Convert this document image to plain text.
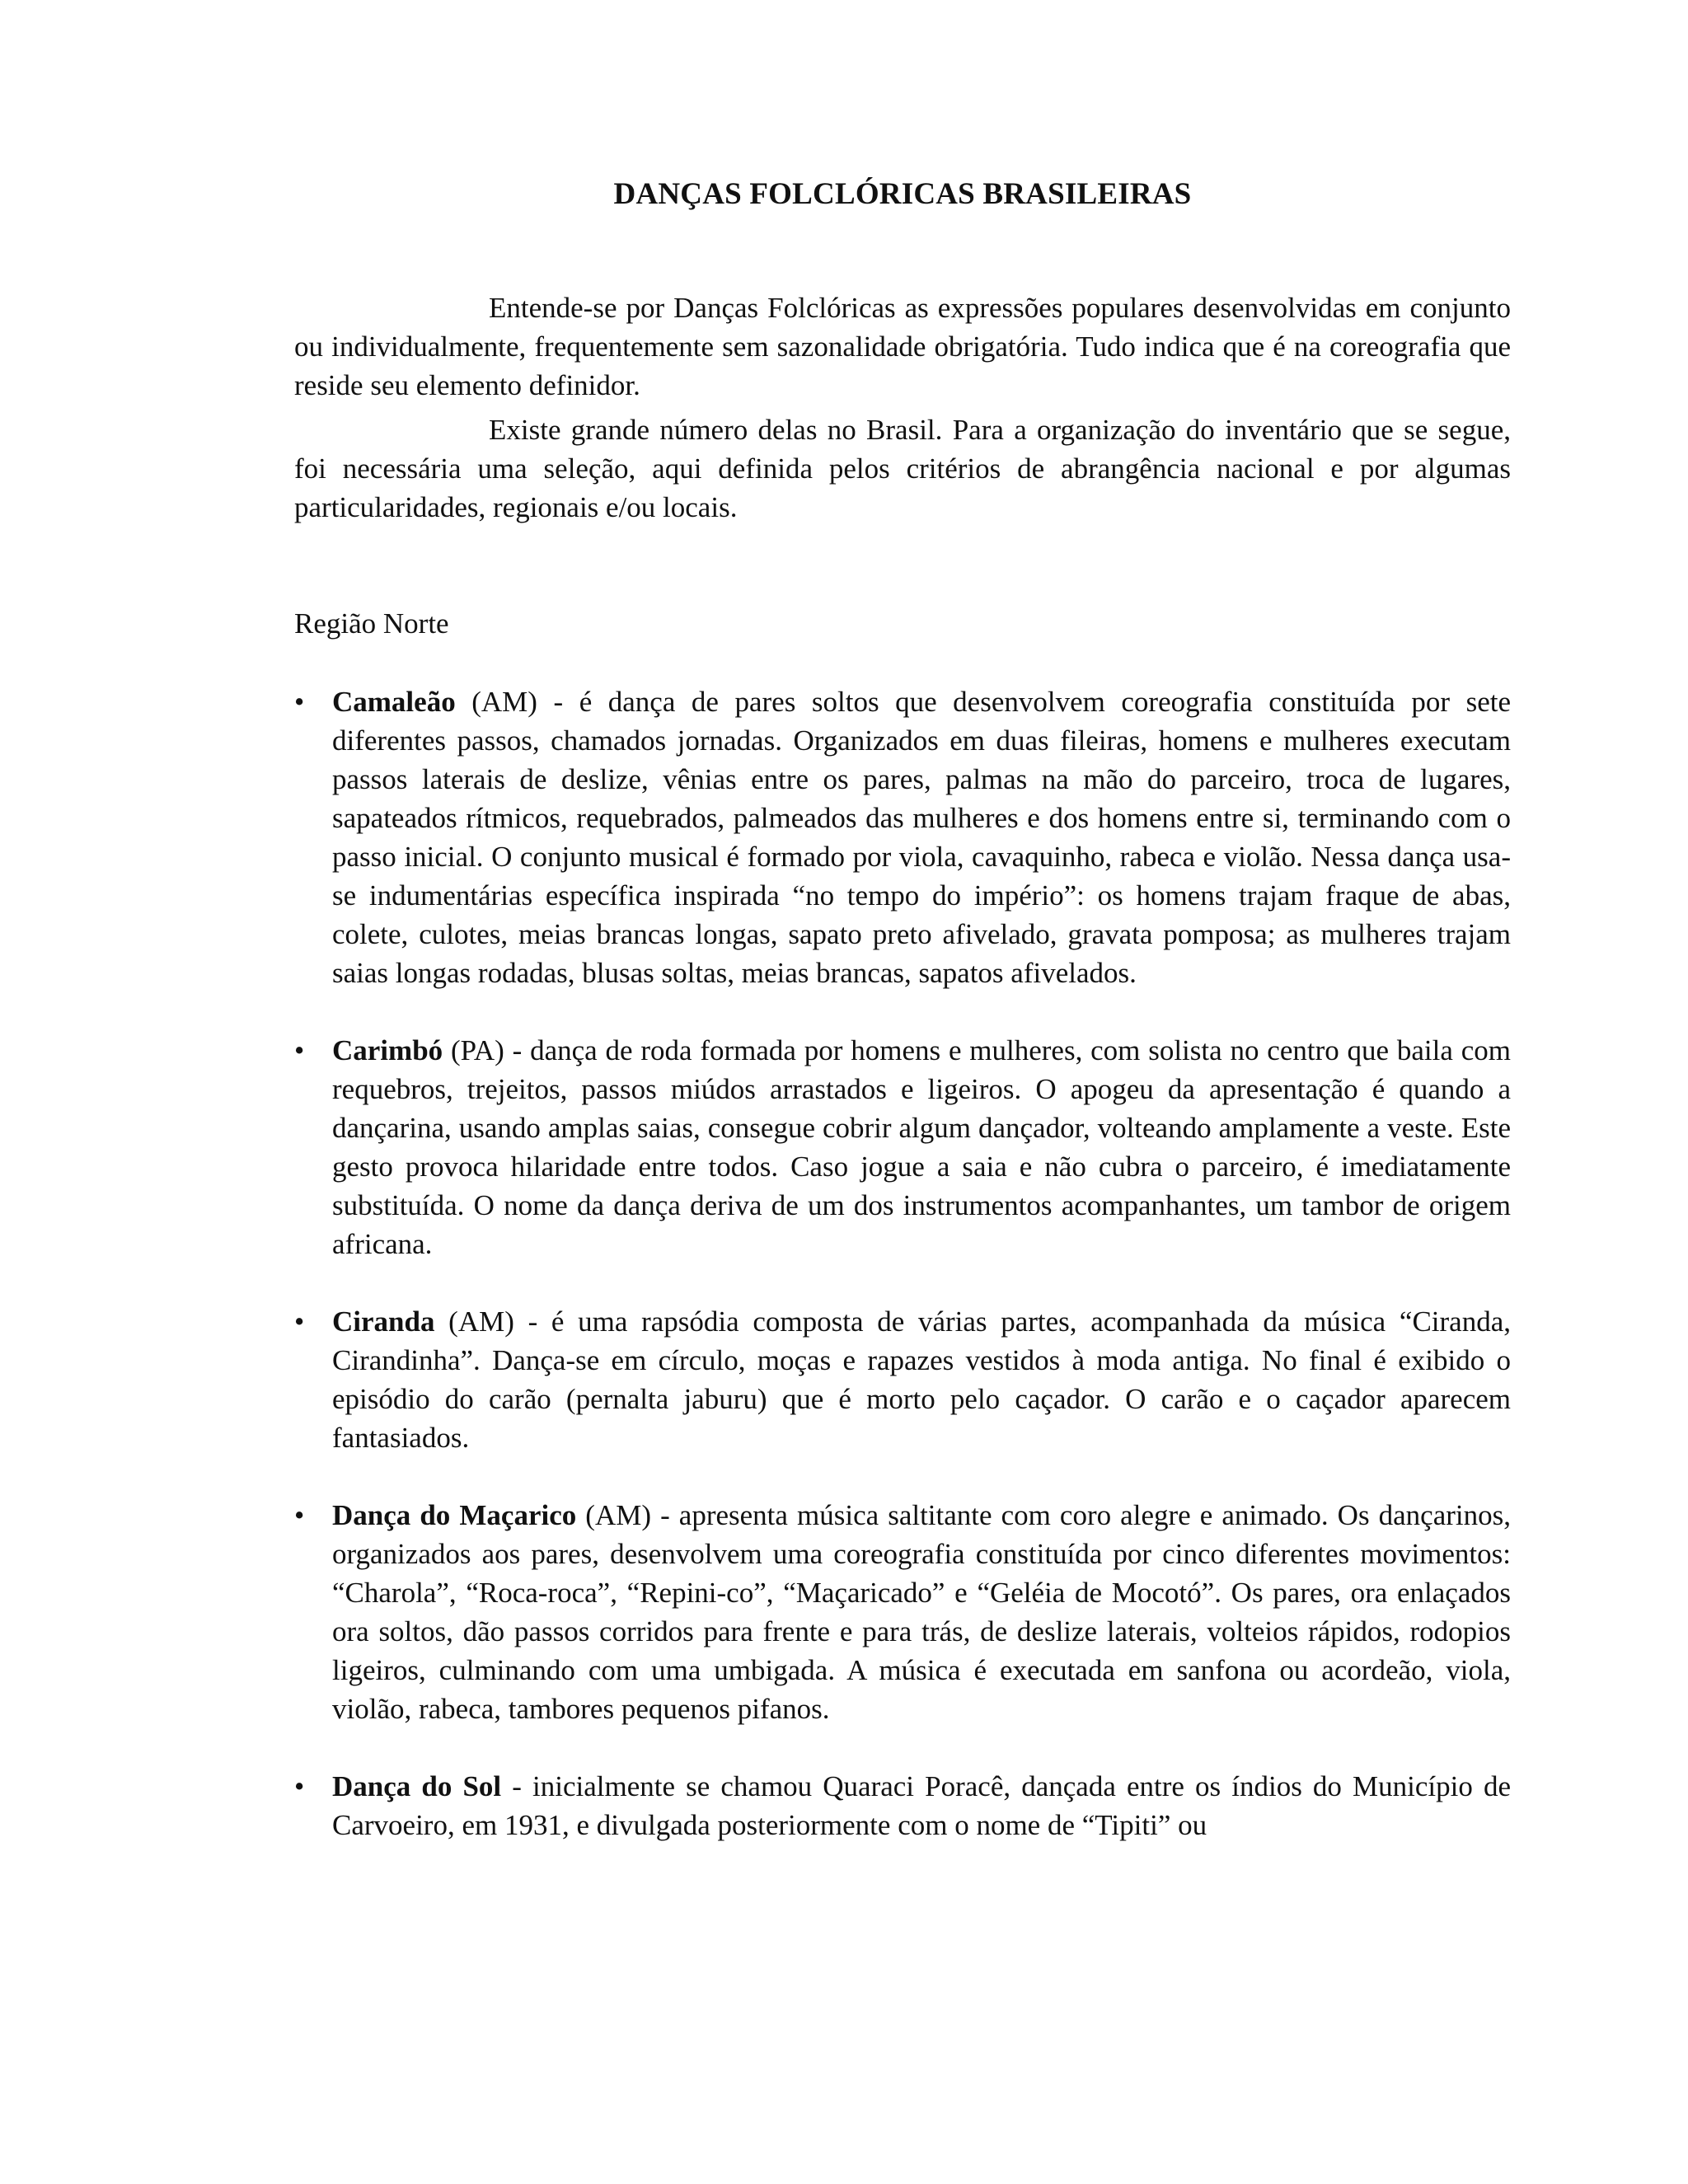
DANÇAS FOLCLÓRICAS BRASILEIRAS

Entende-se por Danças Folclóricas as expressões populares desenvolvidas em conjunto ou individualmente, frequentemente sem sazonalidade obrigatória. Tudo indica que é na coreografia que reside seu elemento definidor.

Existe grande número delas no Brasil. Para a organização do inventário que se segue, foi necessária uma seleção, aqui definida pelos critérios de abrangência nacional e por algumas particularidades, regionais e/ou locais.

Região Norte

• Camaleão (AM) - é dança de pares soltos que desenvolvem coreografia constituída por sete diferentes passos, chamados jornadas. Organizados em duas fileiras, homens e mulheres executam passos laterais de deslize, vênias entre os pares, palmas na mão do parceiro, troca de lugares, sapateados rítmicos, requebrados, palmeados das mulheres e dos homens entre si, terminando com o passo inicial. O conjunto musical é formado por viola, cavaquinho, rabeca e violão. Nessa dança usa-se indumentárias específica inspirada “no tempo do império”: os homens trajam fraque de abas, colete, culotes, meias brancas longas, sapato preto afivelado, gravata pomposa; as mulheres trajam saias longas rodadas, blusas soltas, meias brancas, sapatos afivelados.
• Carimbó (PA) - dança de roda formada por homens e mulheres, com solista no centro que baila com requebros, trejeitos, passos miúdos arrastados e ligeiros. O apogeu da apresentação é quando a dançarina, usando amplas saias, consegue cobrir algum dançador, volteando amplamente a veste. Este gesto provoca hilaridade entre todos. Caso jogue a saia e não cubra o parceiro, é imediatamente substituída. O nome da dança deriva de um dos instrumentos acompanhantes, um tambor de origem africana.
• Ciranda (AM) - é uma rapsódia composta de várias partes, acompanhada da música “Ciranda, Cirandinha”. Dança-se em círculo, moças e rapazes vestidos à moda antiga. No final é exibido o episódio do carão (pernalta jaburu) que é morto pelo caçador. O carão e o caçador aparecem fantasiados.
• Dança do Maçarico (AM) - apresenta música saltitante com coro alegre e animado. Os dançarinos, organizados aos pares, desenvolvem uma coreografia constituída por cinco diferentes movimentos: “Charola”, “Roca-roca”, “Repini-co”, “Maçaricado” e “Geléia de Mocotó”. Os pares, ora enlaçados ora soltos, dão passos corridos para frente e para trás, de deslize laterais, volteios rápidos, rodopios ligeiros, culminando com uma umbigada. A música é executada em sanfona ou acordeão, viola, violão, rabeca, tambores pequenos pifanos.
• Dança do Sol - inicialmente se chamou Quaraci Poracê, dançada entre os índios do Município de Carvoeiro, em 1931, e divulgada posteriormente com o nome de “Tipiti” ou
